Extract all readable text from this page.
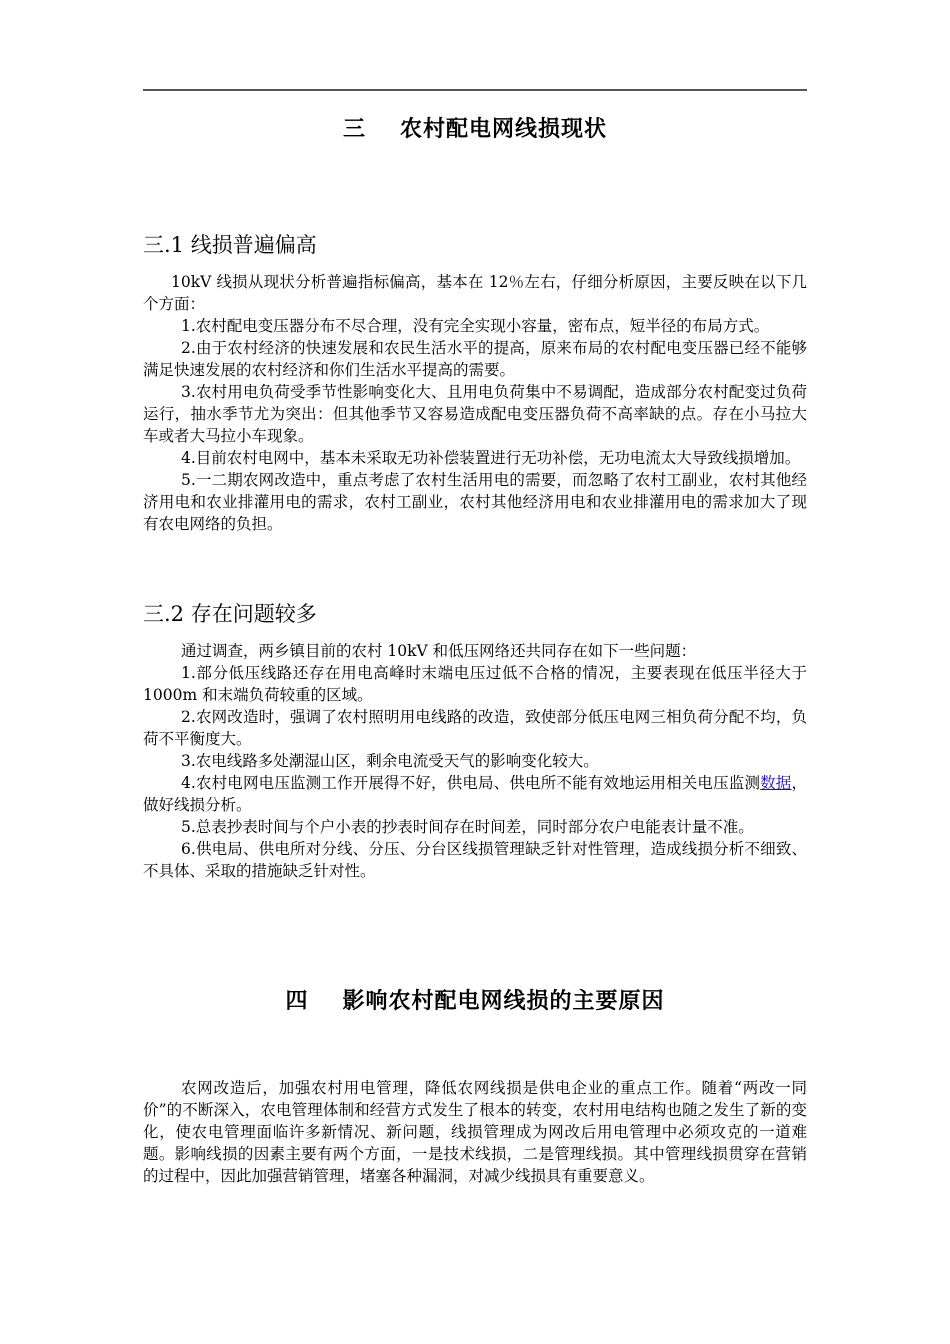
三 农村配电网线损现状
三.1 线损普遍偏高

10kV 线损从现状分析普遍指标偏高，基本在 12％左右，仔细分析原因，主要反映在以下几个方面：

1.农村配电变压器分布不尽合理，没有完全实现小容量，密布点，短半径的布局方式。

2.由于农村经济的快速发展和农民生活水平的提高，原来布局的农村配电变压器已经不能够满足快速发展的农村经济和你们生活水平提高的需要。

3.农村用电负荷受季节性影响变化大、且用电负荷集中不易调配，造成部分农村配变过负荷运行，抽水季节尤为突出：但其他季节又容易造成配电变压器负荷不高率缺的点。存在小马拉大车或者大马拉小车现象。

4.目前农村电网中，基本未采取无功补偿装置进行无功补偿，无功电流太大导致线损增加。

5.一二期农网改造中，重点考虑了农村生活用电的需要，而忽略了农村工副业，农村其他经济用电和农业排灌用电的需求，农村工副业，农村其他经济用电和农业排灌用电的需求加大了现有农电网络的负担。

三.2 存在问题较多

通过调查，两乡镇目前的农村 10kV 和低压网络还共同存在如下一些问题：

1.部分低压线路还存在用电高峰时末端电压过低不合格的情况，主要表现在低压半径大于 1000m 和末端负荷较重的区域。

2.农网改造时，强调了农村照明用电线路的改造，致使部分低压电网三相负荷分配不均，负荷不平衡度大。

3.农电线路多处潮湿山区，剩余电流受天气的影响变化较大。

4.农村电网电压监测工作开展得不好，供电局、供电所不能有效地运用相关电压监测数据，做好线损分析。

5.总表抄表时间与个户小表的抄表时间存在时间差，同时部分农户电能表计量不准。

6.供电局、供电所对分线、分压、分台区线损管理缺乏针对性管理，造成线损分析不细致、不具体、采取的措施缺乏针对性。

四 影响农村配电网线损的主要原因

农网改造后，加强农村用电管理，降低农网线损是供电企业的重点工作。随着“两改一同价”的不断深入，农电管理体制和经营方式发生了根本的转变，农村用电结构也随之发生了新的变化，使农电管理面临许多新情况、新问题，线损管理成为网改后用电管理中必须攻克的一道难题。影响线损的因素主要有两个方面，一是技术线损，二是管理线损。其中管理线损贯穿在营销的过程中，因此加强营销管理，堵塞各种漏洞，对减少线损具有重要意义。
